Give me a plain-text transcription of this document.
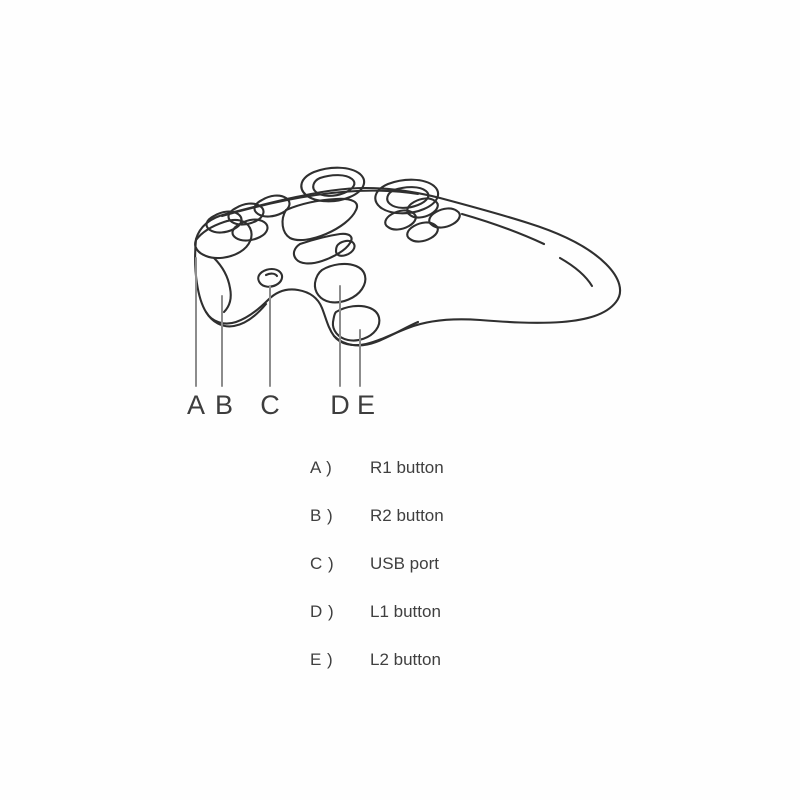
A B C D E
A )	R1 button
B )	R2 button
C )	USB port
D )	L1 button
E )	L2 button
